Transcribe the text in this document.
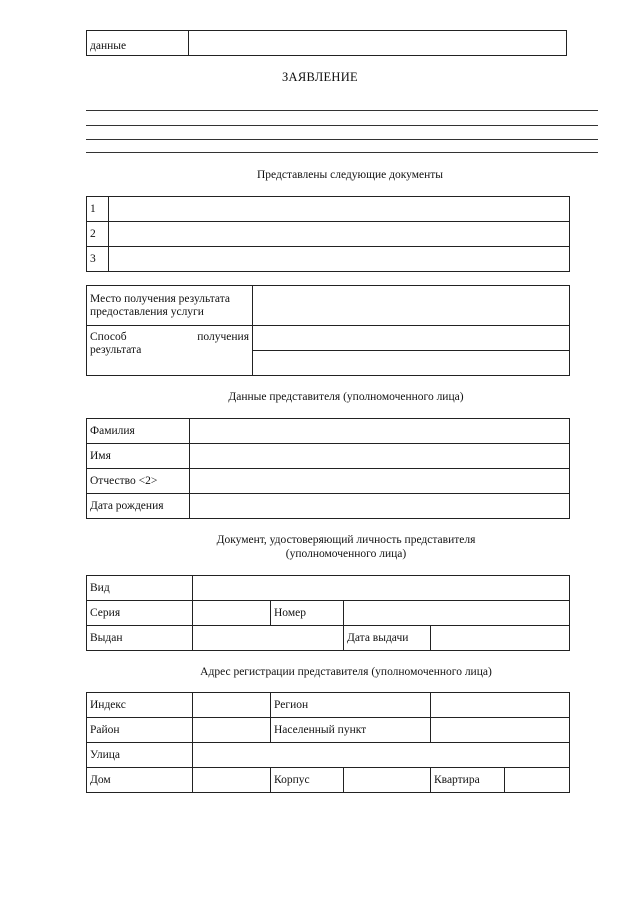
данные	
ЗАЯВЛЕНИЕ
Представлены следующие документы
1	
2	
3	
Место получения результата предоставления услуги	

Способ получения
результата	

Данные представителя (уполномоченного лица)
Фамилия	
Имя	
Отчество <2>	
Дата рождения	
Документ, удостоверяющий личность представителя
(уполномоченного лица)
Вид				
Серия		Номер		
Выдан			Дата выдачи	
Адрес регистрации представителя (уполномоченного лица)
Индекс		Регион			
Район		Населенный пункт			
Улица					
Дом		Корпус		Квартира	
